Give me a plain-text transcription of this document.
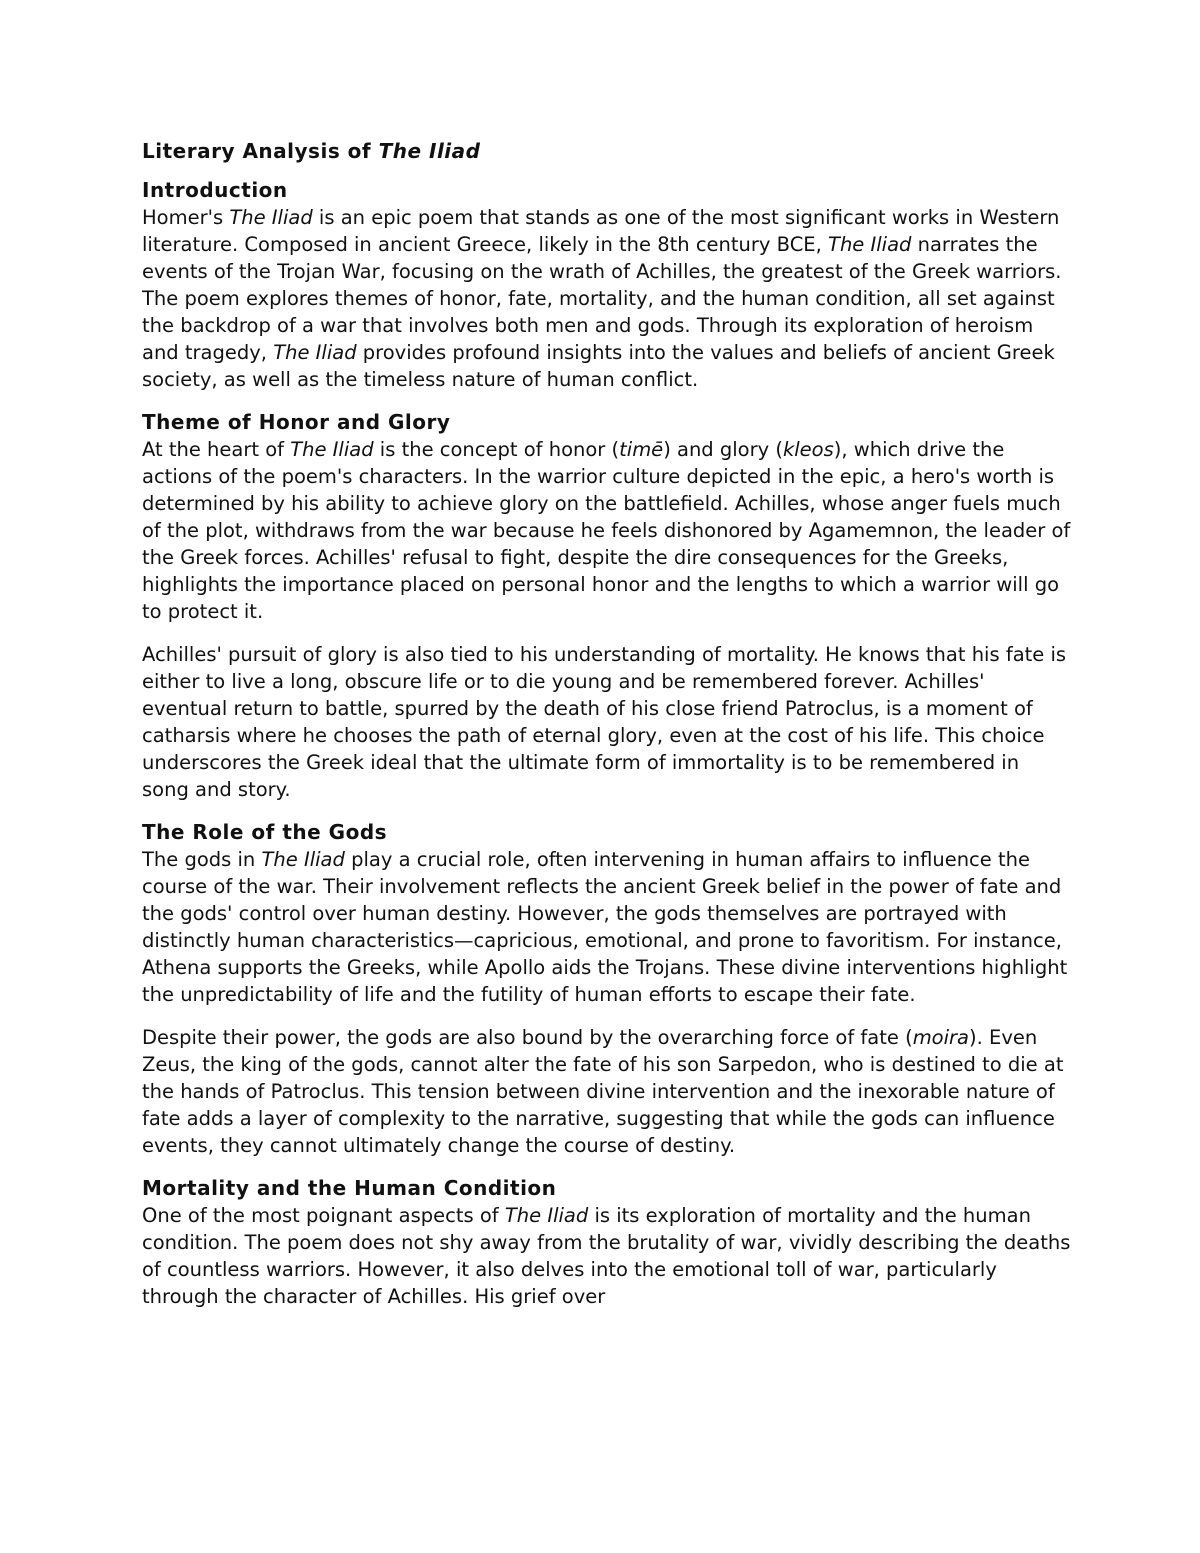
Literary Analysis of The Iliad
Introduction

Homer's The Iliad is an epic poem that stands as one of the most significant works in Western literature. Composed in ancient Greece, likely in the 8th century BCE, The Iliad narrates the events of the Trojan War, focusing on the wrath of Achilles, the greatest of the Greek warriors. The poem explores themes of honor, fate, mortality, and the human condition, all set against the backdrop of a war that involves both men and gods. Through its exploration of heroism and tragedy, The Iliad provides profound insights into the values and beliefs of ancient Greek society, as well as the timeless nature of human conflict.

Theme of Honor and Glory

At the heart of The Iliad is the concept of honor (timē) and glory (kleos), which drive the actions of the poem's characters. In the warrior culture depicted in the epic, a hero's worth is determined by his ability to achieve glory on the battlefield. Achilles, whose anger fuels much of the plot, withdraws from the war because he feels dishonored by Agamemnon, the leader of the Greek forces. Achilles' refusal to fight, despite the dire consequences for the Greeks, highlights the importance placed on personal honor and the lengths to which a warrior will go to protect it.

Achilles' pursuit of glory is also tied to his understanding of mortality. He knows that his fate is either to live a long, obscure life or to die young and be remembered forever. Achilles' eventual return to battle, spurred by the death of his close friend Patroclus, is a moment of catharsis where he chooses the path of eternal glory, even at the cost of his life. This choice underscores the Greek ideal that the ultimate form of immortality is to be remembered in song and story.

The Role of the Gods

The gods in The Iliad play a crucial role, often intervening in human affairs to influence the course of the war. Their involvement reflects the ancient Greek belief in the power of fate and the gods' control over human destiny. However, the gods themselves are portrayed with distinctly human characteristics—capricious, emotional, and prone to favoritism. For instance, Athena supports the Greeks, while Apollo aids the Trojans. These divine interventions highlight the unpredictability of life and the futility of human efforts to escape their fate.

Despite their power, the gods are also bound by the overarching force of fate (moira). Even Zeus, the king of the gods, cannot alter the fate of his son Sarpedon, who is destined to die at the hands of Patroclus. This tension between divine intervention and the inexorable nature of fate adds a layer of complexity to the narrative, suggesting that while the gods can influence events, they cannot ultimately change the course of destiny.

Mortality and the Human Condition

One of the most poignant aspects of The Iliad is its exploration of mortality and the human condition. The poem does not shy away from the brutality of war, vividly describing the deaths of countless warriors. However, it also delves into the emotional toll of war, particularly through the character of Achilles. His grief over
